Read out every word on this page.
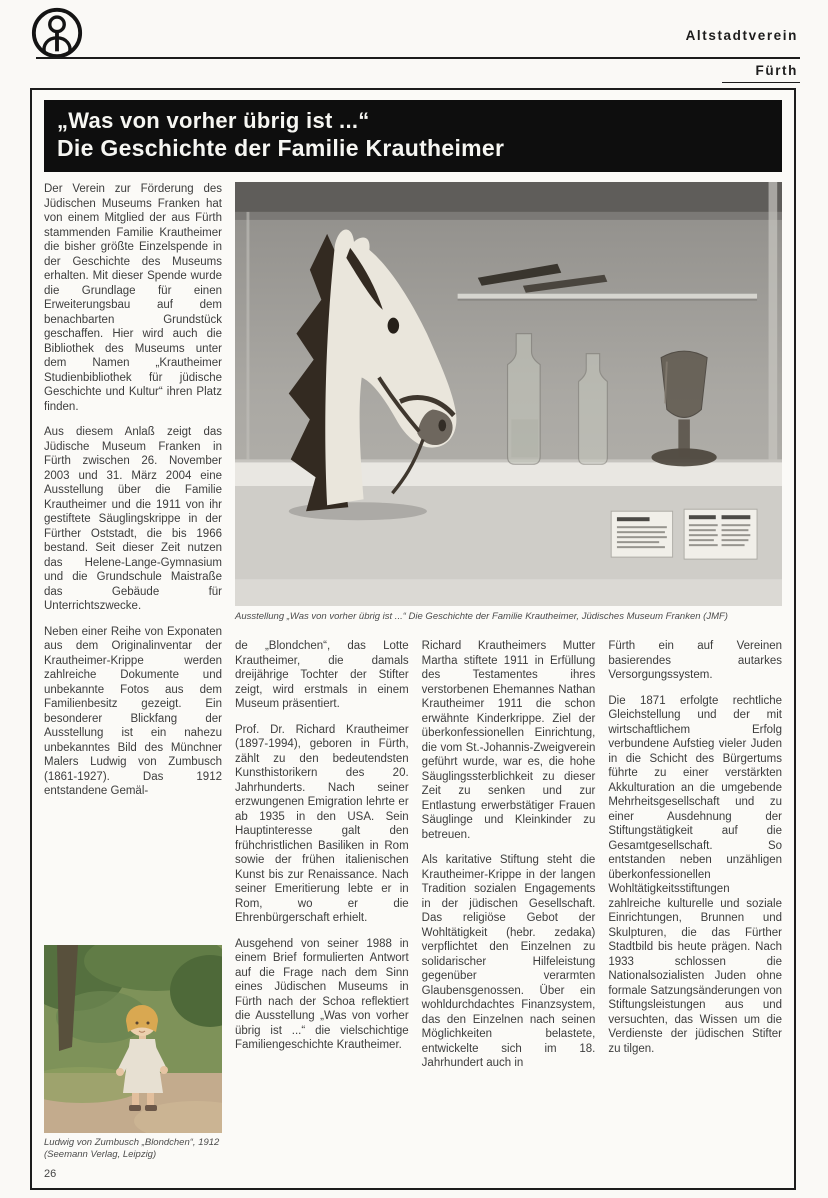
Altstadtverein
Fürth
„Was von vorher übrig ist ...“
Die Geschichte der Familie Krautheimer

Der Verein zur Förderung des Jüdischen Museums Franken hat von einem Mitglied der aus Fürth stammenden Familie Krautheimer die bisher größte Einzelspende in der Geschichte des Museums erhalten. Mit dieser Spende wurde die Grundlage für einen Erweiterungsbau auf dem benachbarten Grundstück geschaffen. Hier wird auch die Bibliothek des Museums unter dem Namen „Krautheimer Studienbibliothek für jüdische Geschichte und Kultur“ ihren Platz finden.

Aus diesem Anlaß zeigt das Jüdische Museum Franken in Fürth zwischen 26. November 2003 und 31. März 2004 eine Ausstellung über die Familie Krautheimer und die 1911 von ihr gestiftete Säuglingskrippe in der Fürther Oststadt, die bis 1966 bestand. Seit dieser Zeit nutzen das Helene-Lange-Gymnasium und die Grundschule Maistraße das Gebäude für Unterrichtszwecke.

Neben einer Reihe von Exponaten aus dem Originalinventar der Krautheimer-Krippe werden zahlreiche Dokumente und unbekannte Fotos aus dem Familienbesitz gezeigt. Ein besonderer Blickfang der Ausstellung ist ein nahezu unbekanntes Bild des Münchner Malers Ludwig von Zumbusch (1861-1927). Das 1912 entstandene Gemäl-

Ludwig von Zumbusch „Blondchen“, 1912 (Seemann Verlag, Leipzig)
26
Ausstellung „Was von vorher übrig ist ...“ Die Geschichte der Familie Krautheimer, Jüdisches Museum Franken (JMF)

de „Blondchen“, das Lotte Krautheimer, die damals dreijährige Tochter der Stifter zeigt, wird erstmals in einem Museum präsentiert.

Prof. Dr. Richard Krautheimer (1897-1994), geboren in Fürth, zählt zu den bedeutendsten Kunsthistorikern des 20. Jahrhunderts. Nach seiner erzwungenen Emigration lehrte er ab 1935 in den USA. Sein Hauptinteresse galt den frühchristlichen Basiliken in Rom sowie der frühen italienischen Kunst bis zur Renaissance. Nach seiner Emeritierung lebte er in Rom, wo er die Ehrenbürgerschaft erhielt.

Ausgehend von seiner 1988 in einem Brief formulierten Antwort auf die Frage nach dem Sinn eines Jüdischen Museums in Fürth nach der Schoa reflektiert die Ausstellung „Was von vorher übrig ist ...“ die vielschichtige Familiengeschichte Krautheimer.

Richard Krautheimers Mutter Martha stiftete 1911 in Erfüllung des Testamentes ihres verstorbenen Ehemannes Nathan Krautheimer 1911 die schon erwähnte Kinderkrippe. Ziel der überkonfessionellen Einrichtung, die vom St.-Johannis-Zweigverein geführt wurde, war es, die hohe Säuglingssterblichkeit zu dieser Zeit zu senken und zur Entlastung erwerbstätiger Frauen Säuglinge und Kleinkinder zu betreuen.

Als karitative Stiftung steht die Krautheimer-Krippe in der langen Tradition sozialen Engagements in der jüdischen Gesellschaft. Das religiöse Gebot der Wohltätigkeit (hebr. zedaka) verpflichtet den Einzelnen zu solidarischer Hilfeleistung gegenüber verarmten Glaubensgenossen. Über ein wohldurchdachtes Finanzsystem, das den Einzelnen nach seinen Möglichkeiten belastete, entwickelte sich im 18. Jahrhundert auch in

Fürth ein auf Vereinen basierendes autarkes Versorgungssystem.

Die 1871 erfolgte rechtliche Gleichstellung und der mit wirtschaftlichem Erfolg verbundene Aufstieg vieler Juden in die Schicht des Bürgertums führte zu einer verstärkten Akkulturation an die umgebende Mehrheitsgesellschaft und zu einer Ausdehnung der Stiftungstätigkeit auf die Gesamtgesellschaft. So entstanden neben unzähligen überkonfessionellen Wohltätigkeitsstiftungen zahlreiche kulturelle und soziale Einrichtungen, Brunnen und Skulpturen, die das Fürther Stadtbild bis heute prägen. Nach 1933 schlossen die Nationalsozialisten Juden ohne formale Satzungsänderungen von Stiftungsleistungen aus und versuchten, das Wissen um die Verdienste der jüdischen Stifter zu tilgen.
